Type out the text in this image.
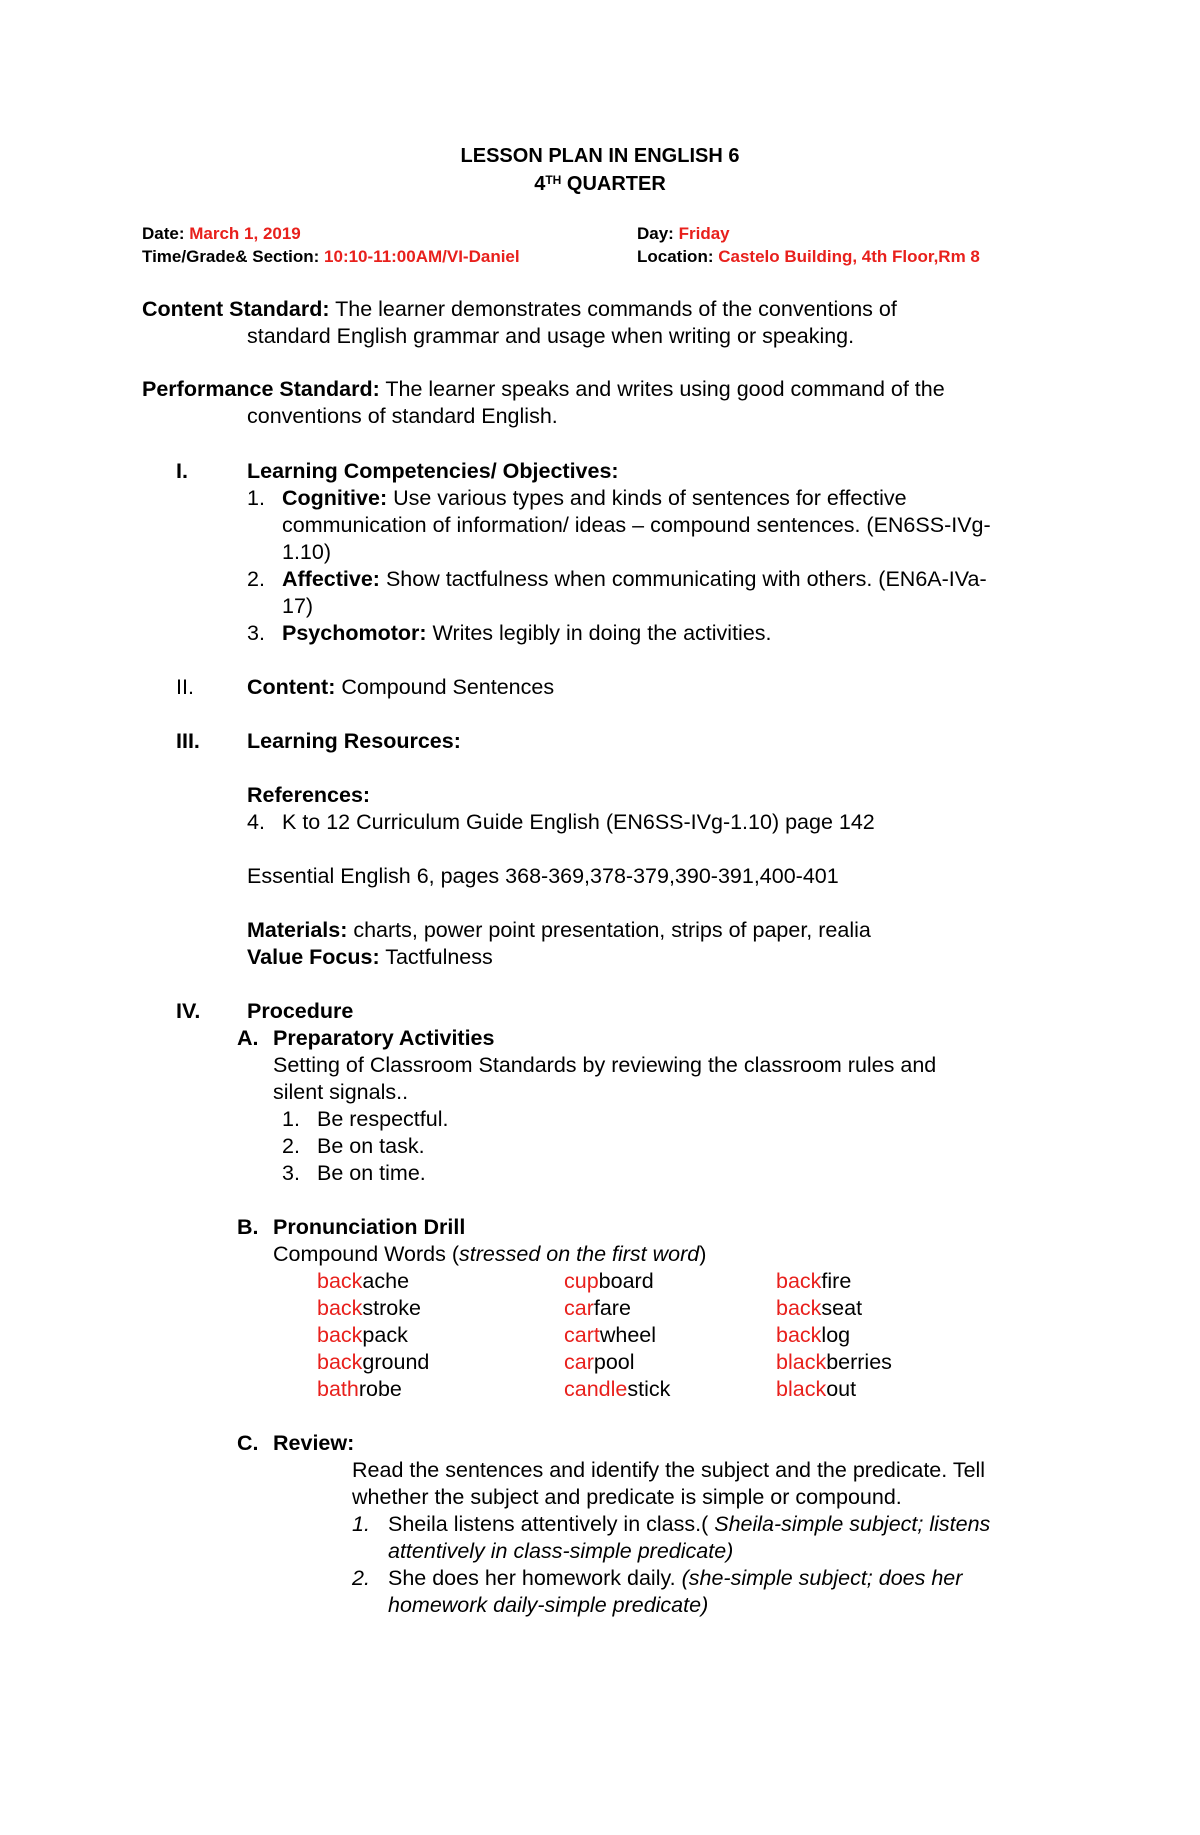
LESSON PLAN IN ENGLISH 6
4TH QUARTER
Date: March 1, 2019	Day: Friday
Time/Grade& Section: 10:10-11:00AM/VI-Daniel	Location: Castelo Building, 4th Floor,Rm 8
Content Standard: The learner demonstrates commands of the conventions of
standard English grammar and usage when writing or speaking.
Performance Standard: The learner speaks and writes using good command of the
conventions of standard English.
I.	Learning Competencies/ Objectives:
1. Cognitive: Use various types and kinds of sentences for effective
communication of information/ ideas – compound sentences. (EN6SS-IVg-
1.10)
2. Affective: Show tactfulness when communicating with others. (EN6A-IVa-
17)
3. Psychomotor: Writes legibly in doing the activities.
II. Content: Compound Sentences
III. Learning Resources:
References:
4. K to 12 Curriculum Guide English (EN6SS-IVg-1.10) page 142
Essential English 6, pages 368-369,378-379,390-391,400-401
Materials: charts, power point presentation, strips of paper, realia
Value Focus: Tactfulness
IV. Procedure
A. Preparatory Activities
Setting of Classroom Standards by reviewing the classroom rules and
silent signals..
1. Be respectful.
2. Be on task.
3. Be on time.
B. Pronunciation Drill
Compound Words (stressed on the first word)
backache	cupboard	backfire
backstroke	carfare	backseat
backpack	cartwheel	backlog
background	carpool	blackberries
bathrobe	candlestick	blackout
C. Review:
Read the sentences and identify the subject and the predicate. Tell
whether the subject and predicate is simple or compound.
1. Sheila listens attentively in class.( Sheila-simple subject; listens
attentively in class-simple predicate)
2. She does her homework daily. (she-simple subject; does her
homework daily-simple predicate)
